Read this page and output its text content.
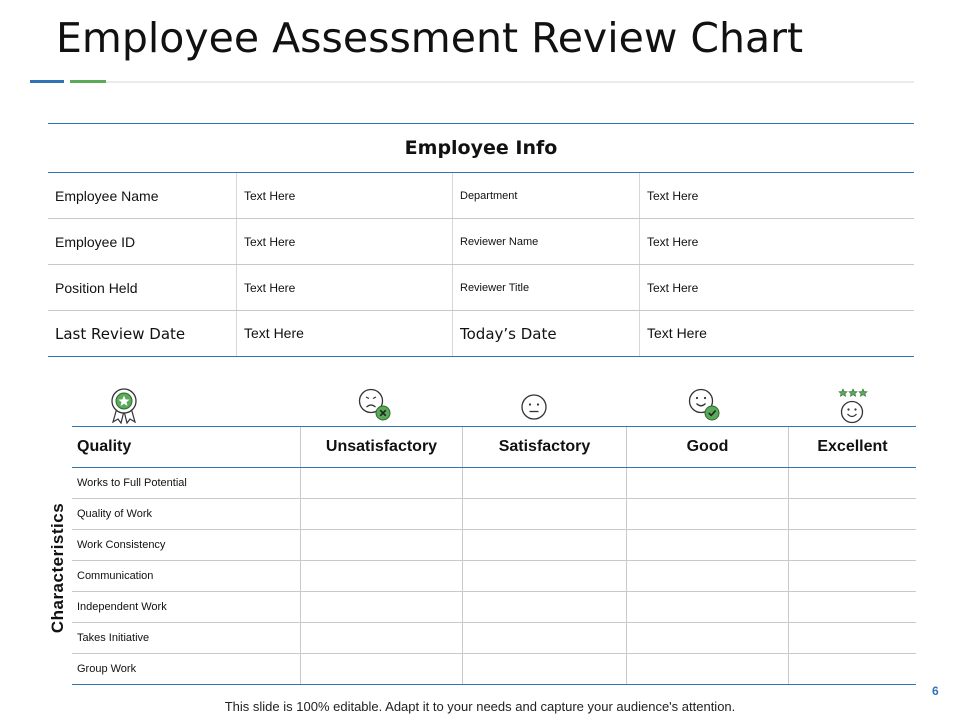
Employee Assessment Review Chart
Employee Info
Employee Name	Text Here	Department	Text Here
Employee ID	Text Here	Reviewer Name	Text Here
Position Held	Text Here	Reviewer Title	Text Here
Last Review Date	Text Here	Today’s Date	Text Here
Quality	Unsatisfactory	Satisfactory	Good	Excellent
Works to Full Potential
Quality of Work
Work Consistency
Communication
Independent Work
Takes Initiative
Group Work
Characteristics
This slide is 100% editable. Adapt it to your needs and capture your audience's attention.
6
